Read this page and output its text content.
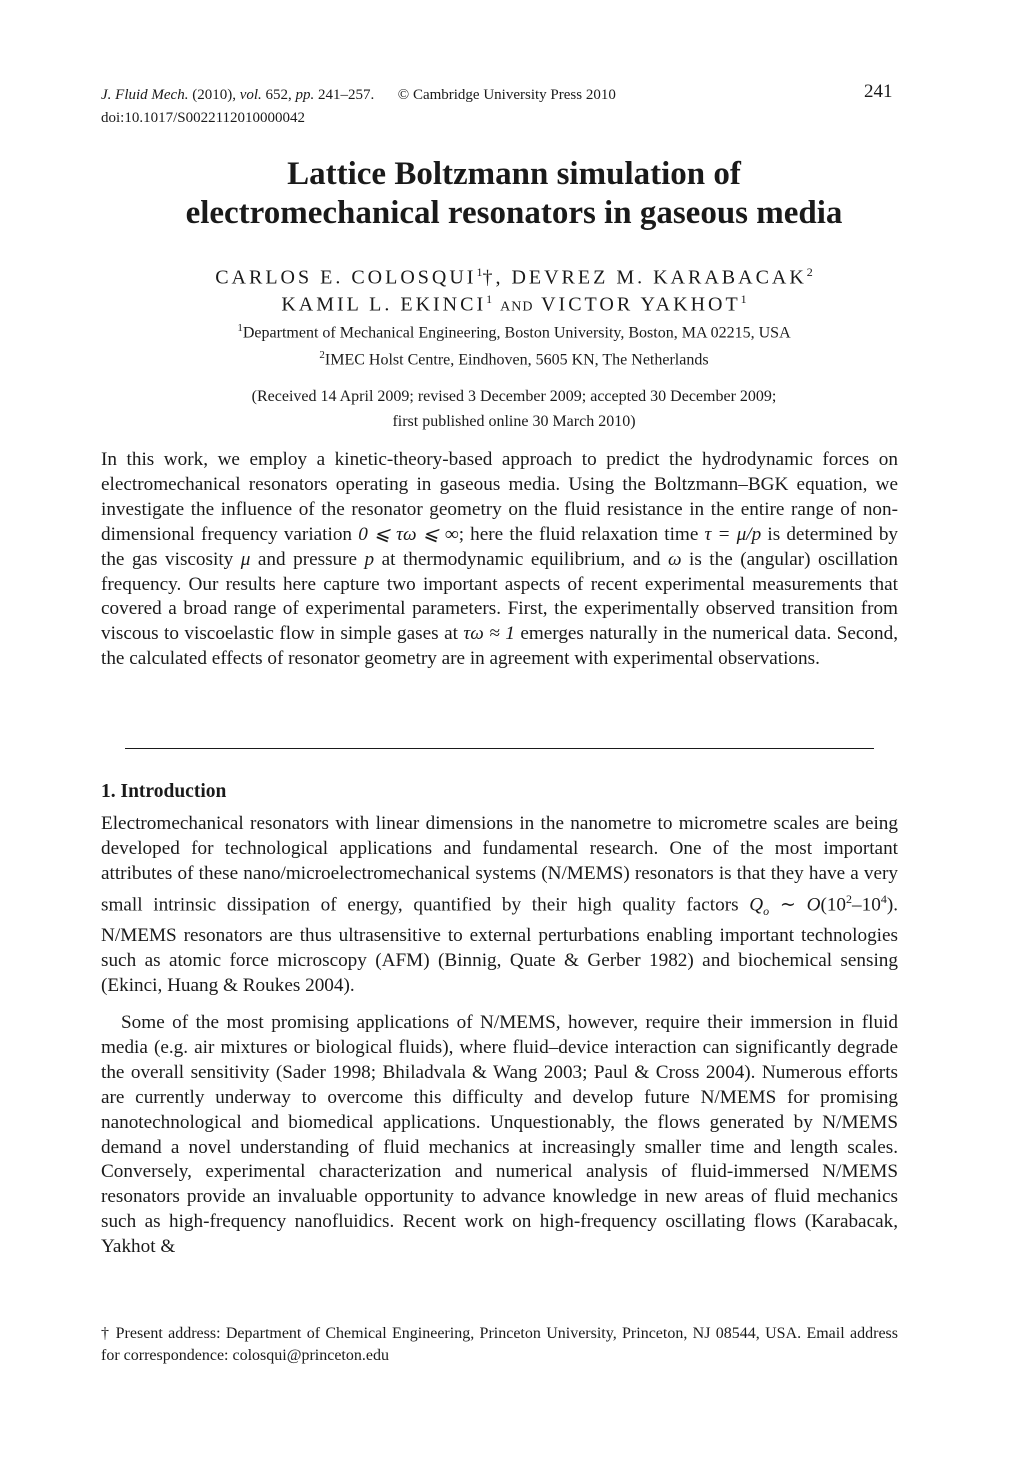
J. Fluid Mech. (2010), vol. 652, pp. 241–257. © Cambridge University Press 2010
doi:10.1017/S0022112010000042
241
Lattice Boltzmann simulation of
electromechanical resonators in gaseous media
CARLOS E. COLOSQUI$^1$†, DEVREZ M. KARABACAK$^2$
KAMIL L. EKINCI$^1$ AND VICTOR YAKHOT$^1$
$^1$Department of Mechanical Engineering, Boston University, Boston, MA 02215, USA
$^2$IMEC Holst Centre, Eindhoven, 5605 KN, The Netherlands
(Received 14 April 2009; revised 3 December 2009; accepted 30 December 2009;
first published online 30 March 2010)
In this work, we employ a kinetic-theory-based approach to predict the hydrodynamic forces on electromechanical resonators operating in gaseous media. Using the Boltzmann–BGK equation, we investigate the influence of the resonator geometry on the fluid resistance in the entire range of non-dimensional frequency variation 0 ⩽ τω ⩽ ∞; here the fluid relaxation time τ = μ/p is determined by the gas viscosity μ and pressure p at thermodynamic equilibrium, and ω is the (angular) oscillation frequency. Our results here capture two important aspects of recent experimental measurements that covered a broad range of experimental parameters. First, the experimentally observed transition from viscous to viscoelastic flow in simple gases at τω ≈ 1 emerges naturally in the numerical data. Second, the calculated effects of resonator geometry are in agreement with experimental observations.
1. Introduction
Electromechanical resonators with linear dimensions in the nanometre to micrometre scales are being developed for technological applications and fundamental research. One of the most important attributes of these nano/microelectromechanical systems (N/MEMS) resonators is that they have a very small intrinsic dissipation of energy, quantified by their high quality factors $Q_o$ ∼ $O(10^2-10^4)$. N/MEMS resonators are thus ultrasensitive to external perturbations enabling important technologies such as atomic force microscopy (AFM) (Binnig, Quate & Gerber 1982) and biochemical sensing (Ekinci, Huang & Roukes 2004).
Some of the most promising applications of N/MEMS, however, require their immersion in fluid media (e.g. air mixtures or biological fluids), where fluid–device interaction can significantly degrade the overall sensitivity (Sader 1998; Bhiladvala & Wang 2003; Paul & Cross 2004). Numerous efforts are currently underway to overcome this difficulty and develop future N/MEMS for promising nanotechnological and biomedical applications. Unquestionably, the flows generated by N/MEMS demand a novel understanding of fluid mechanics at increasingly smaller time and length scales. Conversely, experimental characterization and numerical analysis of fluid-immersed N/MEMS resonators provide an invaluable opportunity to advance knowledge in new areas of fluid mechanics such as high-frequency nanofluidics. Recent work on high-frequency oscillating flows (Karabacak, Yakhot &
† Present address: Department of Chemical Engineering, Princeton University, Princeton, NJ 08544, USA. Email address for correspondence: colosqui@princeton.edu
